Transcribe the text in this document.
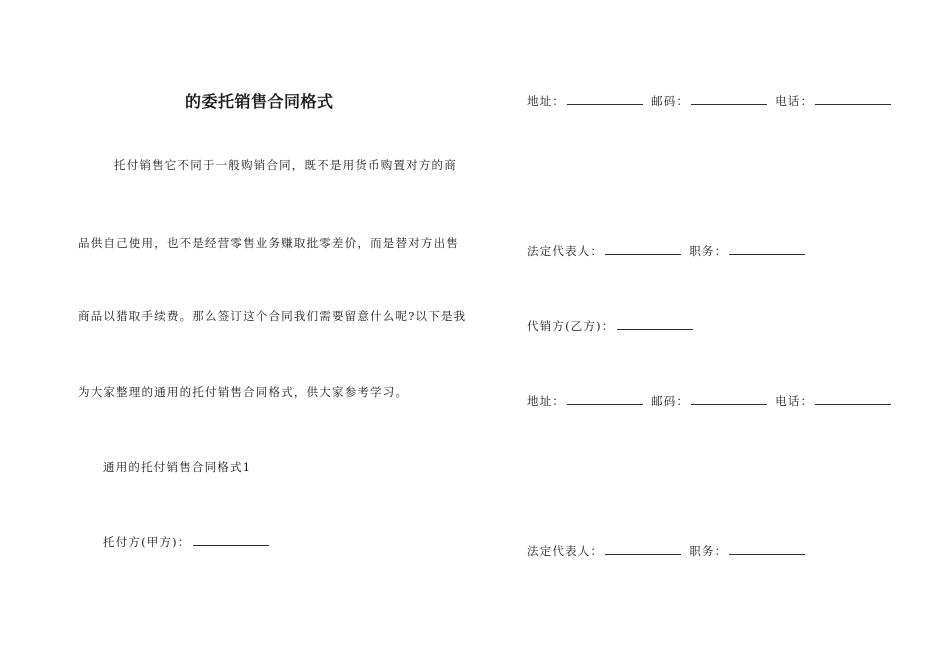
的委托销售合同格式
托付销售它不同于一般购销合同，既不是用货币购置对方的商
品供自己使用，也不是经营零售业务赚取批零差价，而是替对方出售
商品以猎取手续费。那么签订这个合同我们需要留意什么呢?以下是我
为大家整理的通用的托付销售合同格式，供大家参考学习。
通用的托付销售合同格式1
托付方(甲方)：
地址：	邮码：	电话：
法定代表人：	职务：
代销方(乙方)：
地址：	邮码：	电话：
法定代表人：	职务：
